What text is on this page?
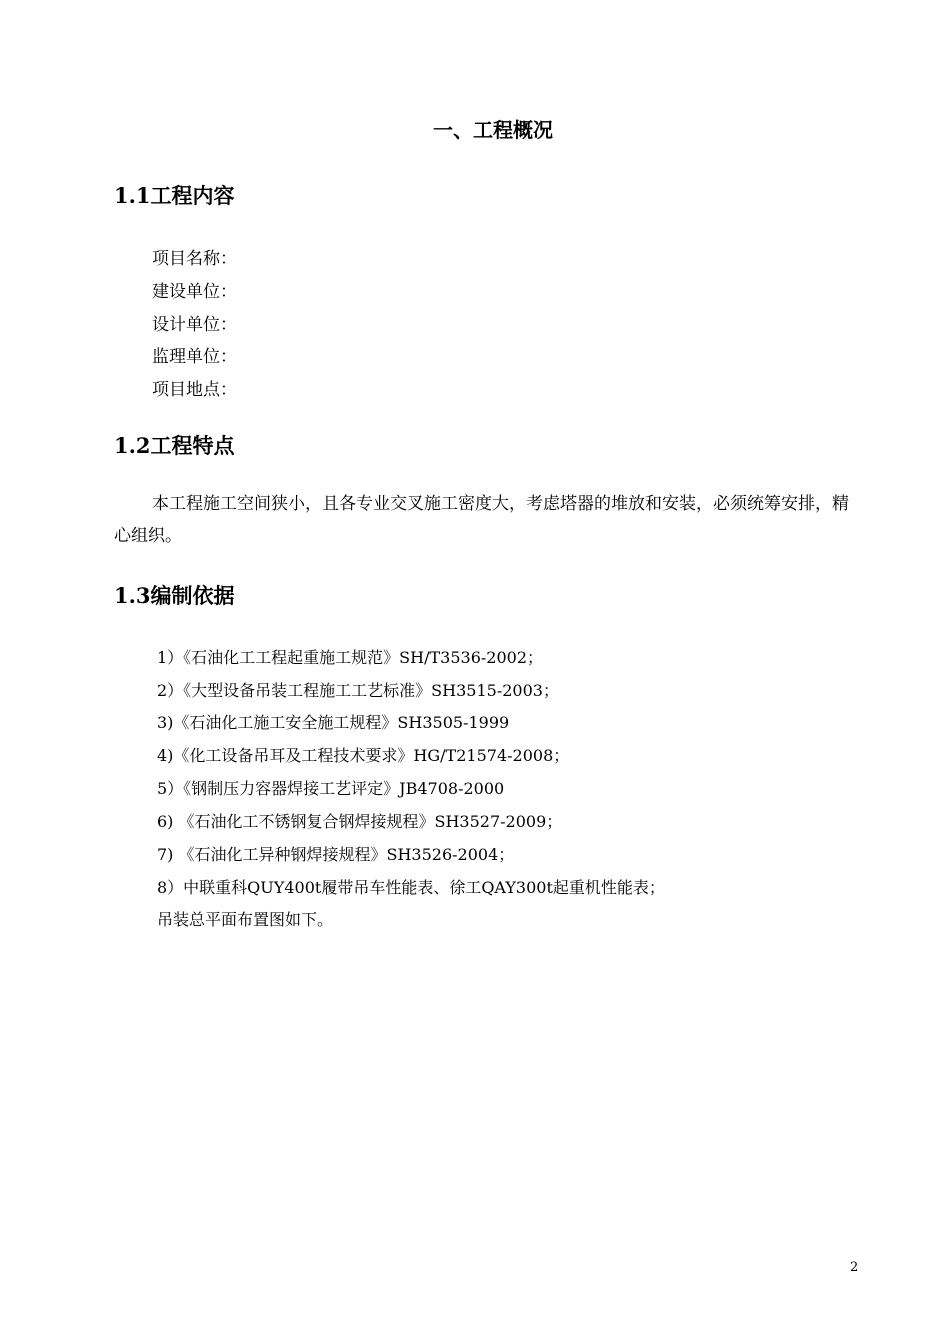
一、工程概况
1.1工程内容
项目名称：
建设单位：
设计单位：
监理单位：
项目地点：
1.2工程特点
本工程施工空间狭小，且各专业交叉施工密度大，考虑塔器的堆放和安装，必须统筹安排，精心组织。
1.3编制依据
1）《石油化工工程起重施工规范》SH/T3536-2002；
2）《大型设备吊装工程施工工艺标准》SH3515-2003；
3)《石油化工施工安全施工规程》SH3505-1999
4)《化工设备吊耳及工程技术要求》HG/T21574-2008；
5）《钢制压力容器焊接工艺评定》JB4708-2000
6) 《石油化工不锈钢复合钢焊接规程》SH3527-2009；
7) 《石油化工异种钢焊接规程》SH3526-2004；
8）中联重科QUY400t履带吊车性能表、徐工QAY300t起重机性能表；
吊装总平面布置图如下。
2
